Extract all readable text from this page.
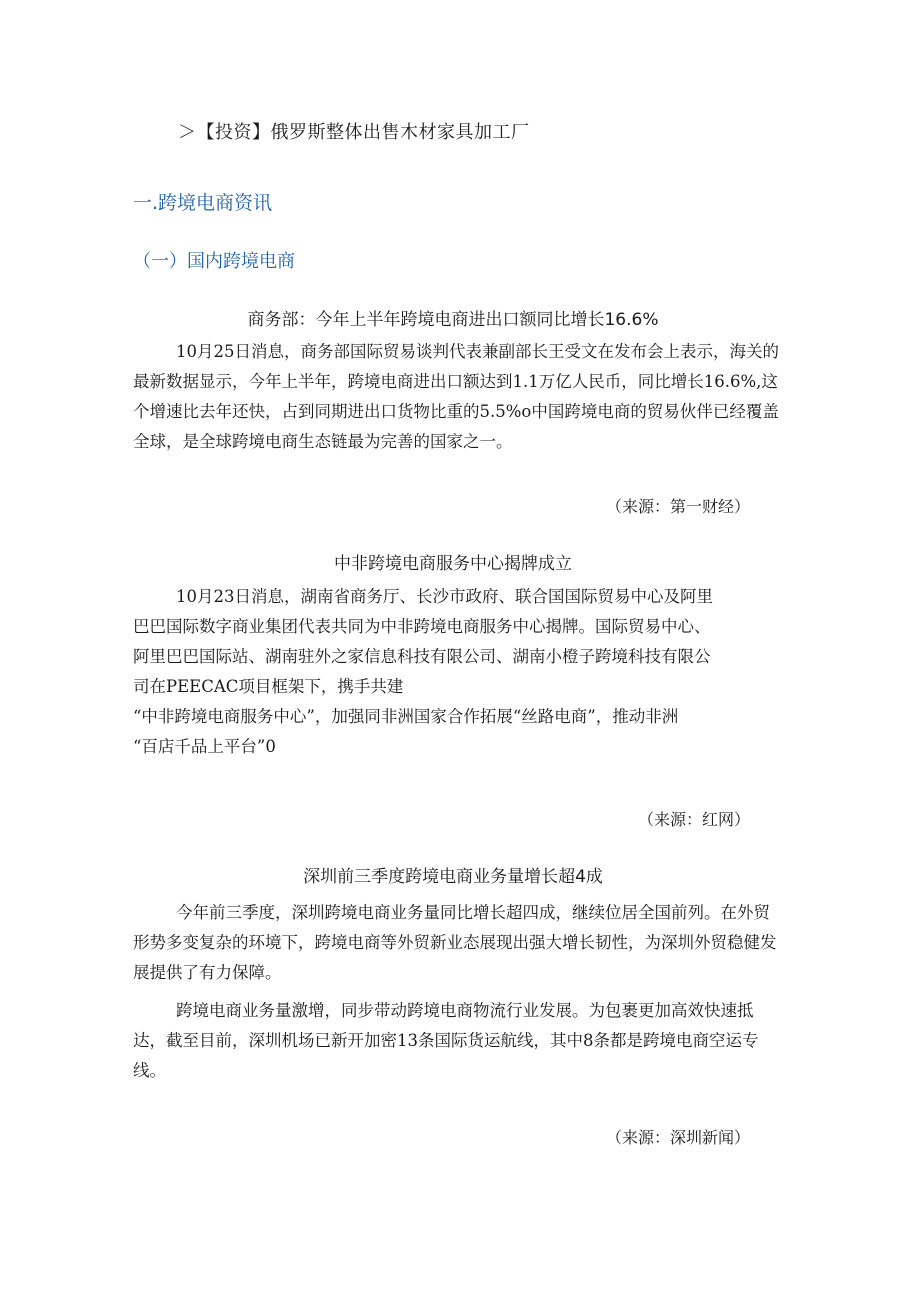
＞【投资】俄罗斯整体出售木材家具加工厂
一.跨境电商资讯
（一）国内跨境电商
商务部：今年上半年跨境电商进出口额同比增长16.6%

10月25日消息，商务部国际贸易谈判代表兼副部长王受文在发布会上表示，海关的最新数据显示，今年上半年，跨境电商进出口额达到1.1万亿人民币，同比增长16.6%,这个增速比去年还快，占到同期进出口货物比重的5.5%o中国跨境电商的贸易伙伴已经覆盖全球，是全球跨境电商生态链最为完善的国家之一。

（来源：第一财经）
中非跨境电商服务中心揭牌成立

10月23日消息，湖南省商务厅、长沙市政府、联合国国际贸易中心及阿里

巴巴国际数字商业集团代表共同为中非跨境电商服务中心揭牌。国际贸易中心、

阿里巴巴国际站、湖南驻外之家信息科技有限公司、湖南小橙子跨境科技有限公

司在PEECAC项目框架下，携手共建

“中非跨境电商服务中心”，加强同非洲国家合作拓展“丝路电商”，推动非洲

“百店千品上平台”0

（来源：红网）
深圳前三季度跨境电商业务量增长超4成

今年前三季度，深圳跨境电商业务量同比增长超四成，继续位居全国前列。在外贸形势多变复杂的环境下，跨境电商等外贸新业态展现出强大增长韧性，为深圳外贸稳健发展提供了有力保障。

跨境电商业务量激增，同步带动跨境电商物流行业发展。为包裹更加高效快速抵达，截至目前，深圳机场已新开加密13条国际货运航线，其中8条都是跨境电商空运专线。

（来源：深圳新闻）
